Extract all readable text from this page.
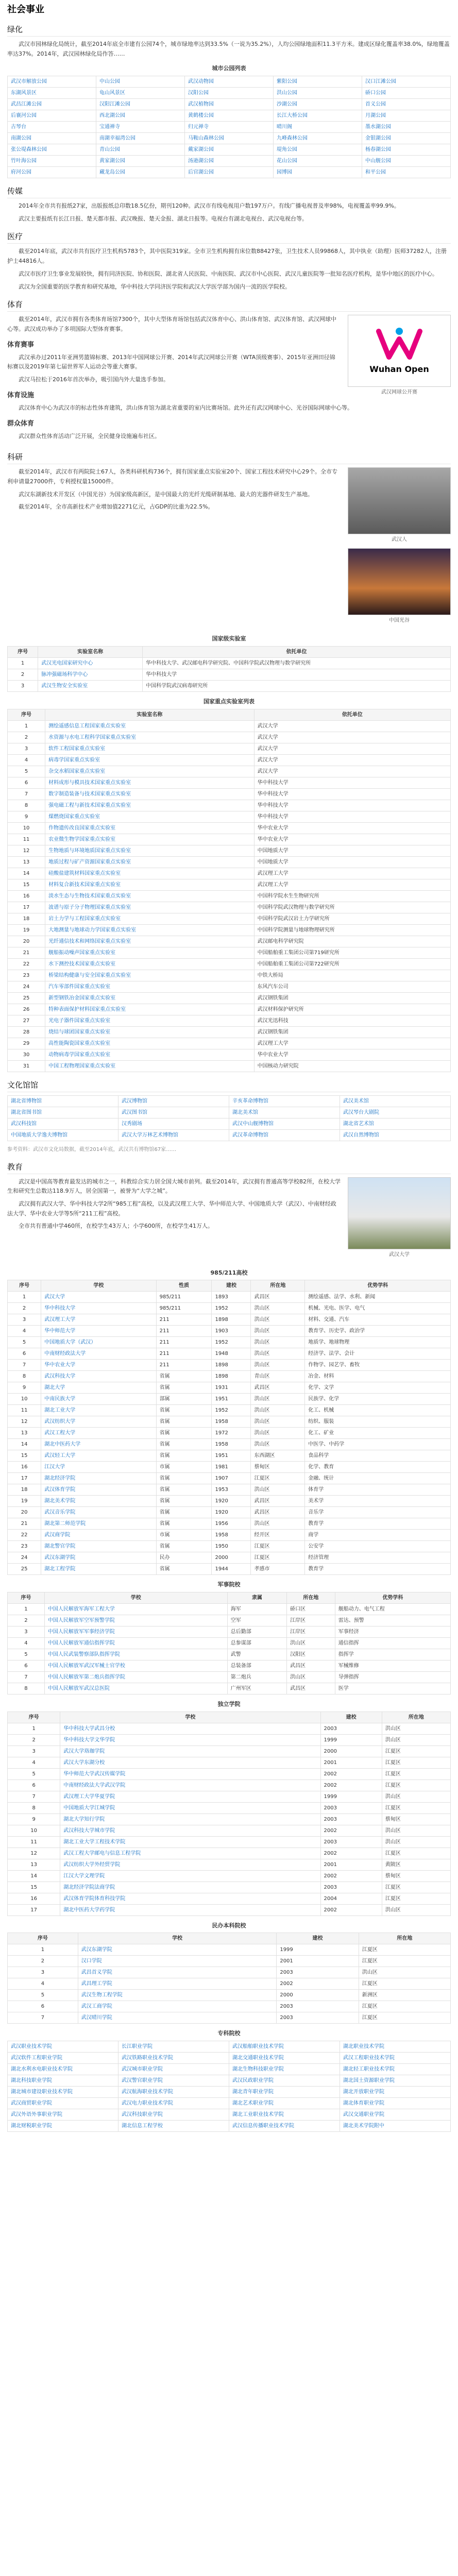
社会事业
绿化

武汉市园林绿化局统计，截至2014年底全市建有公园74个，城市绿地率达到33.5%（一说为35.2%），人均公园绿地面积11.3平方米。建成区绿化覆盖率38.0%，绿地覆盖率达37%。2014年，武汉园林绿化局作答……

城市公园列表
武汉市解放公园	中山公园	武汉动物园	紫阳公园	汉口江滩公园
东湖风景区	龟山风景区	汉阳公园	洪山公园	硚口公园
武昌江滩公园	汉阳江滩公园	武汉植物园	沙湖公园	首义公园
后襄河公园	西北湖公园	黄鹤楼公园	长江大桥公园	月湖公园
古琴台	宝通禅寺	归元禅寺	晴川阁	墨水湖公园
南湖公园	南湖幸福湾公园	马鞍山森林公园	九峰森林公园	金银湖公园
张公堤森林公园	青山公园	戴家湖公园	堤角公园	杨春湖公园
竹叶海公园	黄家湖公园	汤逊湖公园	花山公园	中山舰公园
府河公园	藏龙岛公园	后官湖公园	园博园	和平公园
传媒

2014年全市共有报纸27家，出版报纸总印数18.5亿份，期刊120种。武汉市有线电视用户数197万户。有线广播电视普及率98%，电视覆盖率99.9%。

武汉主要报纸有长江日报、楚天都市报、武汉晚报、楚天金报、湖北日报等。电视台有湖北电视台、武汉电视台等。

医疗

截至2014年底，武汉市共有医疗卫生机构5783个，其中医院319家。全市卫生机构拥有床位数88427张，卫生技术人员99868人，其中执业（助理）医师37282人，注册护士44816人。

武汉市医疗卫生事业发展较快，拥有同济医院、协和医院、湖北省人民医院、中南医院、武汉市中心医院、武汉儿童医院等一批知名医疗机构，是华中地区的医疗中心。

武汉为全国重要的医学教育和研究基地，华中科技大学同济医学院和武汉大学医学部为国内一流的医学院校。

体育
Wuhan Open
武汉网球公开赛

截至2014年，武汉市拥有各类体育场馆7300个，其中大型体育场馆包括武汉体育中心、洪山体育馆、武汉体育馆、武汉网球中心等。武汉成功举办了多项国际大型体育赛事。

体育赛事

武汉承办过2011年亚洲男篮锦标赛、2013年中国网球公开赛、2014年武汉网球公开赛（WTA顶级赛事）、2015年亚洲田径锦标赛以及2019年第七届世界军人运动会等重大赛事。

武汉马拉松于2016年首次举办，吸引国内外大量选手参加。

体育设施

武汉体育中心为武汉市的标志性体育建筑，洪山体育馆为湖北省重要的室内比赛场馆。此外还有武汉网球中心、光谷国际网球中心等。

群众体育

武汉群众性体育活动广泛开展，全民健身设施遍布社区。

科研
武汉人

截至2014年，武汉市有两院院士67人，各类科研机构736个，拥有国家重点实验室20个、国家工程技术研究中心29个。全市专利申请量27000件，专利授权量15000件。

中国光谷

武汉东湖新技术开发区（中国光谷）为国家级高新区，是中国最大的光纤光缆研制基地、最大的光器件研发生产基地。

截至2014年，全市高新技术产业增加值2271亿元，占GDP的比重为22.5%。

国家级实验室
序号	实验室名称	依托单位
1	武汉光电国家研究中心	华中科技大学、武汉邮电科学研究院、中国科学院武汉物理与数学研究所
2	脉冲强磁场科学中心	华中科技大学
3	武汉生物安全实验室	中国科学院武汉病毒研究所
国家重点实验室列表
序号	实验室名称	依托单位
1	测绘遥感信息工程国家重点实验室	武汉大学
2	水资源与水电工程科学国家重点实验室	武汉大学
3	软件工程国家重点实验室	武汉大学
4	病毒学国家重点实验室	武汉大学
5	杂交水稻国家重点实验室	武汉大学
6	材料成形与模具技术国家重点实验室	华中科技大学
7	数字制造装备与技术国家重点实验室	华中科技大学
8	强电磁工程与新技术国家重点实验室	华中科技大学
9	煤燃烧国家重点实验室	华中科技大学
10	作物遗传改良国家重点实验室	华中农业大学
11	农业微生物学国家重点实验室	华中农业大学
12	生物地质与环境地质国家重点实验室	中国地质大学
13	地质过程与矿产资源国家重点实验室	中国地质大学
14	硅酸盐建筑材料国家重点实验室	武汉理工大学
15	材料复合新技术国家重点实验室	武汉理工大学
16	淡水生态与生物技术国家重点实验室	中国科学院水生生物研究所
17	波谱与原子分子物理国家重点实验室	中国科学院武汉物理与数学研究所
18	岩土力学与工程国家重点实验室	中国科学院武汉岩土力学研究所
19	大地测量与地球动力学国家重点实验室	中国科学院测量与地球物理研究所
20	光纤通信技术和网络国家重点实验室	武汉邮电科学研究院
21	舰船振动噪声国家重点实验室	中国船舶重工集团公司第719研究所
22	水下测控技术国家重点实验室	中国船舶重工集团公司第722研究所
23	桥梁结构健康与安全国家重点实验室	中铁大桥局
24	汽车零部件国家重点实验室	东风汽车公司
25	新型钢铁冶金国家重点实验室	武汉钢铁集团
26	特种表面保护材料国家重点实验室	武汉材料保护研究所
27	光电子器件国家重点实验室	武汉光迅科技
28	烧结与球团国家重点实验室	武汉钢铁集团
29	高性能陶瓷国家重点实验室	武汉理工大学
30	动物病毒学国家重点实验室	华中农业大学
31	中国工程物理国家重点实验室	中国核动力研究院
文化馆馆
湖北省博物馆	武汉博物馆	辛亥革命博物馆	武汉美术馆
湖北省图书馆	武汉图书馆	湖北美术馆	武汉琴台大剧院
武汉科技馆	汉秀剧场	武汉中山舰博物馆	湖北省艺术馆
中国地质大学逸夫博物馆	武汉大学万林艺术博物馆	武汉革命博物馆	武汉自然博物馆
参考资料：武汉市文化局数据，截至2014年底，武汉共有博物馆67家……
教育
武汉大学

武汉是中国高等教育最发达的城市之一，科教综合实力居全国大城市前列。截至2014年，武汉拥有普通高等学校82所，在校大学生和研究生总数达118.9万人，居全国第一，被誉为“大学之城”。

武汉拥有武汉大学、华中科技大学2所“985工程”高校，以及武汉理工大学、华中师范大学、中国地质大学（武汉）、中南财经政法大学、华中农业大学等5所“211工程”高校。

全市共有普通中学460所，在校学生43万人；小学600所，在校学生41万人。

985/211高校
序号	学校	性质	建校	所在地	优势学科
1	武汉大学	985/211	1893	武昌区	测绘遥感、法学、水利、新闻
2	华中科技大学	985/211	1952	洪山区	机械、光电、医学、电气
3	武汉理工大学	211	1898	洪山区	材料、交通、汽车
4	华中师范大学	211	1903	洪山区	教育学、历史学、政治学
5	中国地质大学（武汉）	211	1952	洪山区	地质学、地球物理
6	中南财经政法大学	211	1948	洪山区	经济学、法学、会计
7	华中农业大学	211	1898	洪山区	作物学、园艺学、畜牧
8	武汉科技大学	省属	1898	青山区	冶金、材料
9	湖北大学	省属	1931	武昌区	化学、文学
10	中南民族大学	部属	1951	洪山区	民族学、化学
11	湖北工业大学	省属	1952	洪山区	化工、机械
12	武汉纺织大学	省属	1958	洪山区	纺织、服装
13	武汉工程大学	省属	1972	洪山区	化工、矿业
14	湖北中医药大学	省属	1958	洪山区	中医学、中药学
15	武汉轻工大学	省属	1951	东西湖区	食品科学
16	江汉大学	市属	1981	蔡甸区	化学、教育
17	湖北经济学院	省属	1907	江夏区	金融、统计
18	武汉体育学院	省属	1953	洪山区	体育学
19	湖北美术学院	省属	1920	武昌区	美术学
20	武汉音乐学院	省属	1920	武昌区	音乐学
21	湖北第二师范学院	省属	1956	洪山区	教育学
22	武汉商学院	市属	1958	经开区	商学
23	湖北警官学院	省属	1950	江夏区	公安学
24	武汉东湖学院	民办	2000	江夏区	经济管理
25	湖北工程学院	省属	1944	孝感市	教育学
军事院校
序号	学校	隶属	所在地	优势学科
1	中国人民解放军海军工程大学	海军	硚口区	舰船动力、电气工程
2	中国人民解放军空军预警学院	空军	江岸区	雷达、预警
3	中国人民解放军军事经济学院	总后勤部	江岸区	军事经济
4	中国人民解放军通信指挥学院	总参谋部	洪山区	通信指挥
5	中国人民武装警察部队指挥学院	武警	汉阳区	指挥学
6	中国人民解放军武汉军械士官学校	总装备部	武昌区	军械维修
7	中国人民解放军第二炮兵指挥学院	第二炮兵	洪山区	导弹指挥
8	中国人民解放军武汉总医院	广州军区	武昌区	医学
独立学院
序号	学校	建校	所在地
1	华中科技大学武昌分校	2003	洪山区
2	华中科技大学文华学院	1999	洪山区
3	武汉大学珞珈学院	2000	江夏区
4	武汉大学东湖分校	2001	江夏区
5	华中师范大学武汉传媒学院	2002	江夏区
6	中南财经政法大学武汉学院	2002	江夏区
7	武汉理工大学华夏学院	1999	洪山区
8	中国地质大学江城学院	2003	江夏区
9	湖北大学知行学院	2003	蔡甸区
10	武汉科技大学城市学院	2002	洪山区
11	湖北工业大学工程技术学院	2003	洪山区
12	武汉工程大学邮电与信息工程学院	2002	江夏区
13	武汉纺织大学外经贸学院	2001	黄陂区
14	江汉大学文理学院	2002	蔡甸区
15	湖北经济学院法商学院	2003	江夏区
16	武汉体育学院体育科技学院	2004	江夏区
17	湖北中医药大学药学院	2002	洪山区
民办本科院校
序号	学校	建校	所在地
1	武汉东湖学院	1999	江夏区
2	汉口学院	2001	江夏区
3	武昌首义学院	2003	洪山区
4	武昌理工学院	2002	江夏区
5	武汉生物工程学院	2000	新洲区
6	武汉工商学院	2003	江夏区
7	武汉晴川学院	2003	江夏区
专科院校
武汉职业技术学院	长江职业学院	武汉船舶职业技术学院	湖北职业技术学院
武汉软件工程职业学院	武汉铁路职业技术学院	湖北交通职业技术学院	武汉工程职业技术学院
湖北水利水电职业技术学院	武汉城市职业学院	湖北生物科技职业学院	湖北轻工职业技术学院
湖北科技职业学院	武汉警官职业学院	武汉民政职业学院	湖北国土资源职业学院
湖北城市建设职业技术学院	武汉航海职业技术学院	湖北青年职业学院	湖北开放职业学院
武汉商贸职业学院	武汉电力职业技术学院	湖北艺术职业学院	湖北体育职业学院
武汉外语外事职业学院	武汉科技职业学院	湖北工业职业技术学院	武汉交通职业学院
湖北财税职业学院	湖北信息工程学校	武汉信息传播职业技术学院	湖北美术学院附中
